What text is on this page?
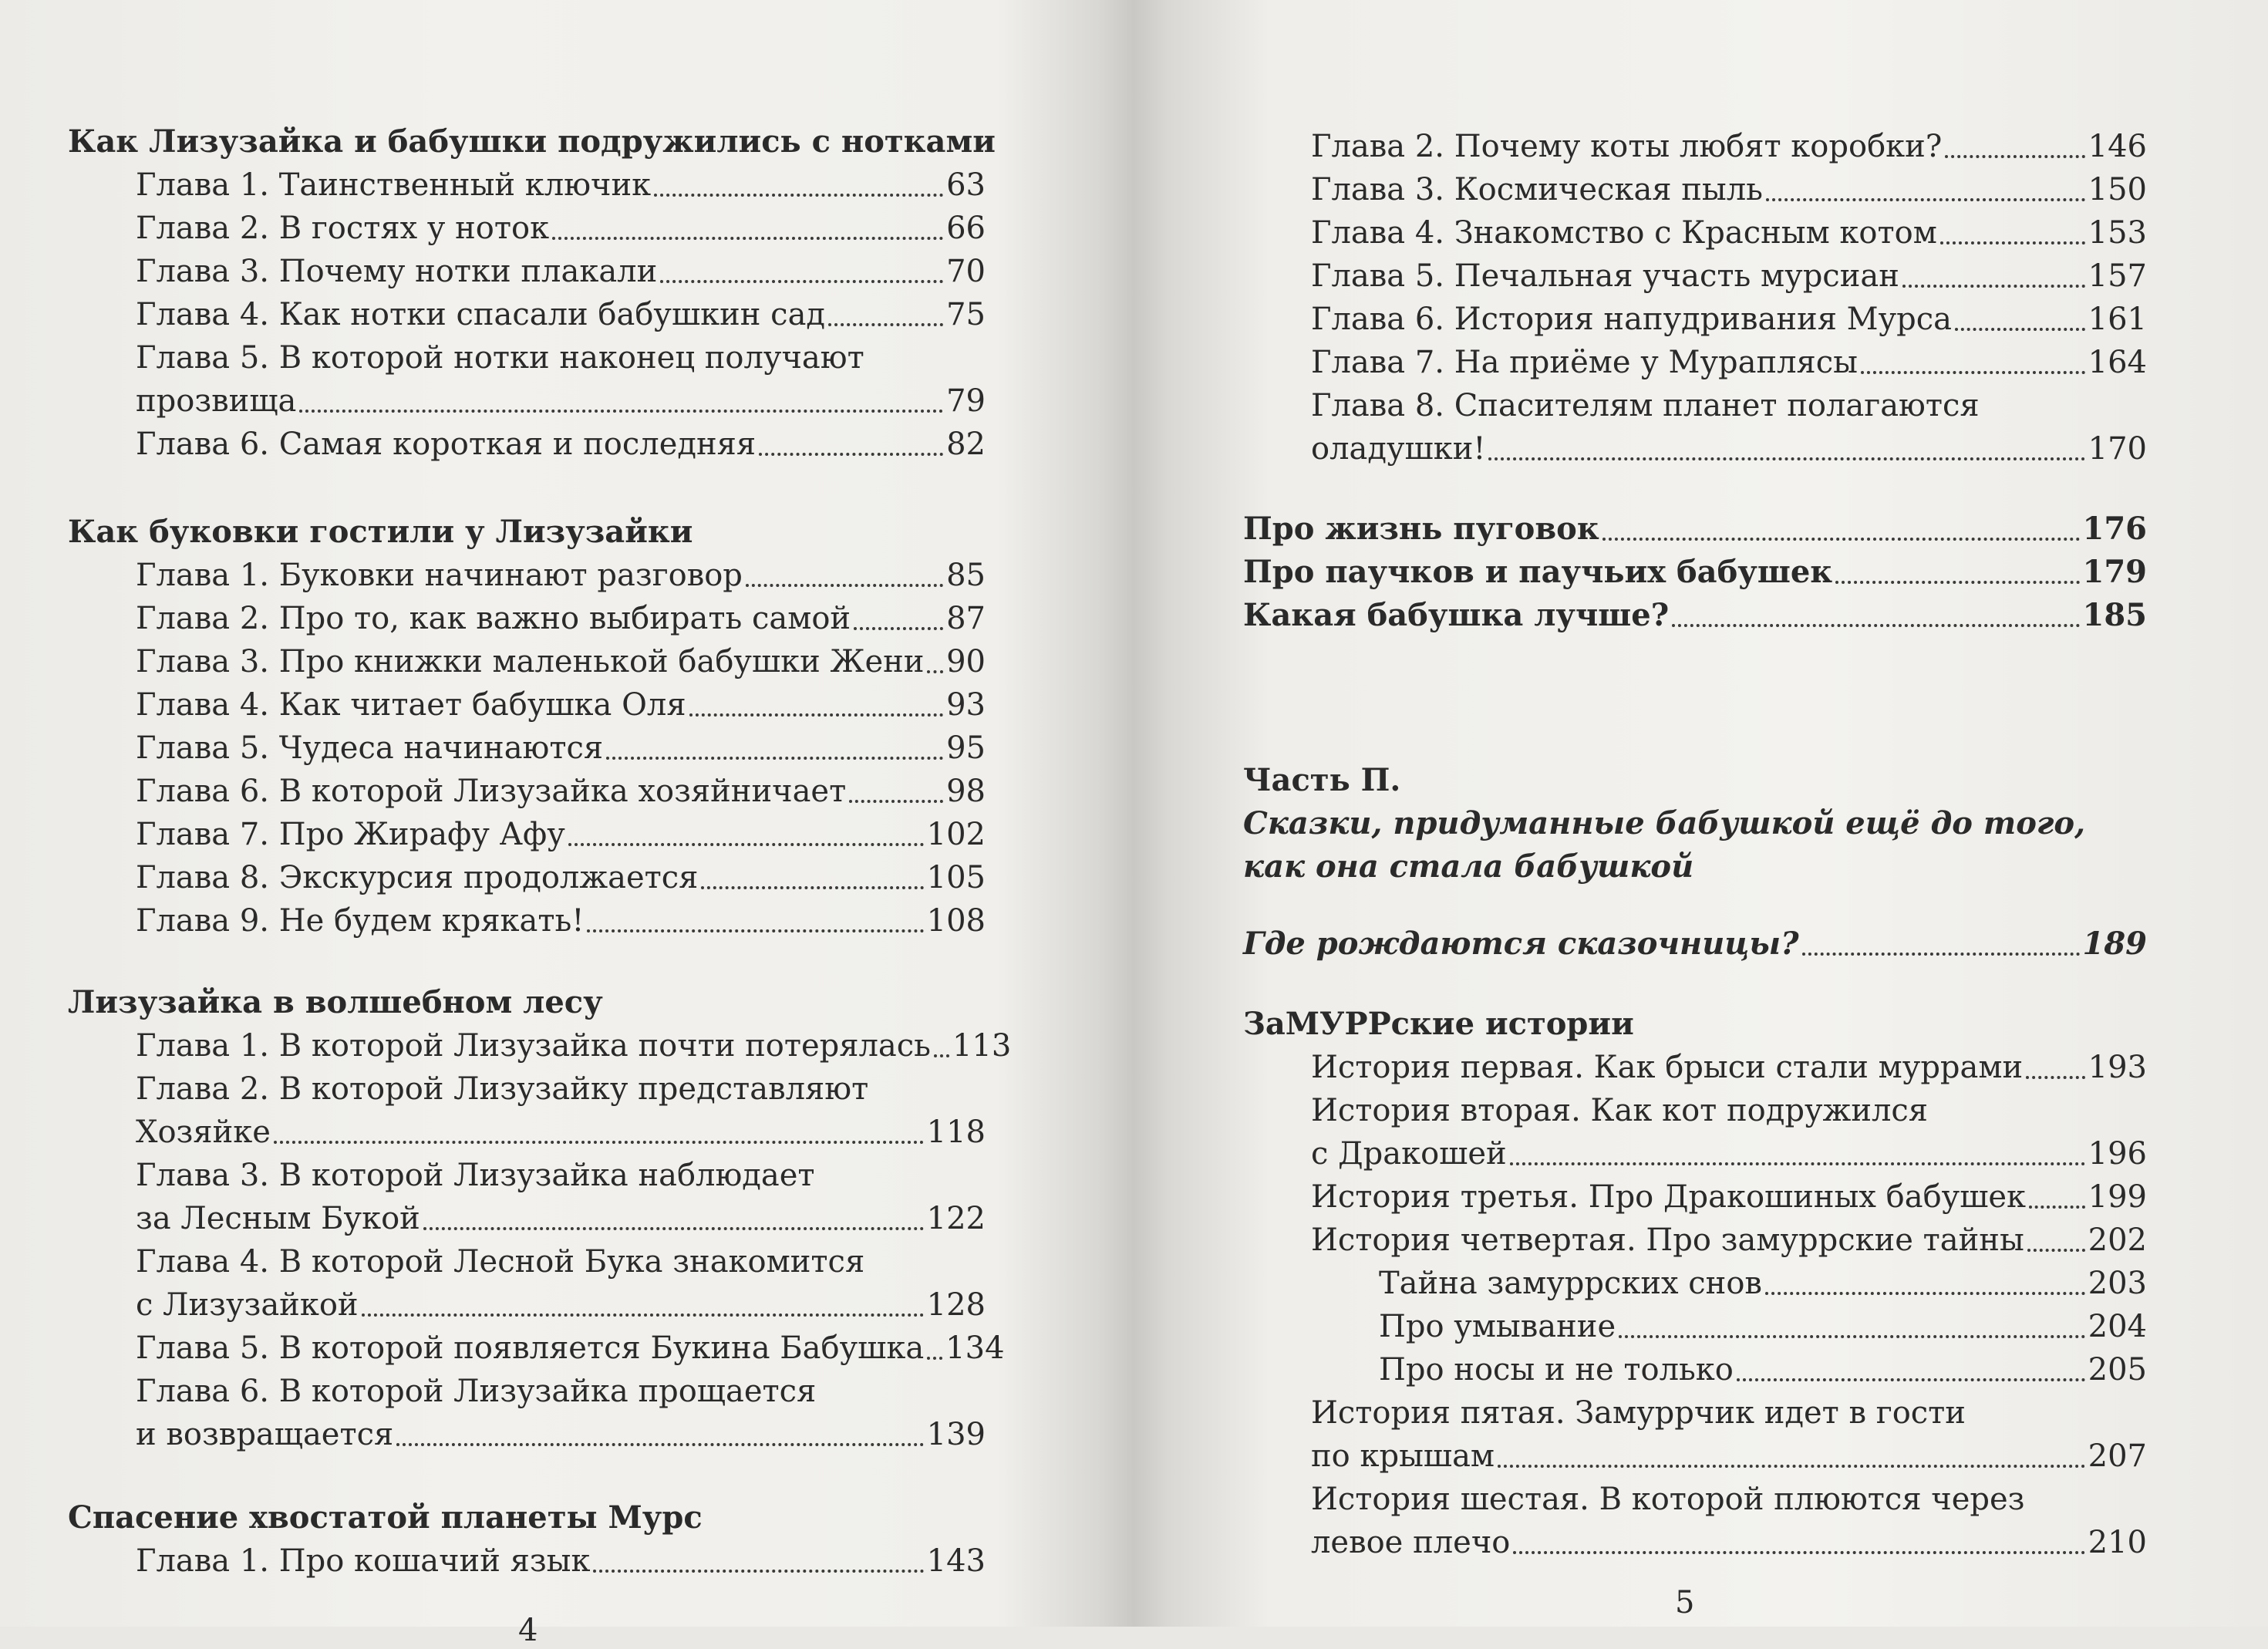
Как Лизузайка и бабушки подружились с нотками
Глава 1. Таинственный ключик	63
Глава 2. В гостях у ноток	66
Глава 3. Почему нотки плакали	70
Глава 4. Как нотки спасали бабушкин сад	75
Глава 5. В которой нотки наконец получают
прозвища	79
Глава 6. Самая короткая и последняя	82
Как буковки гостили у Лизузайки
Глава 1. Буковки начинают разговор	85
Глава 2. Про то, как важно выбирать самой	87
Глава 3. Про книжки маленькой бабушки Жени 90
Глава 4. Как читает бабушка Оля	93
Глава 5. Чудеса начинаются	95
Глава 6. В которой Лизузайка хозяйничает	98
Глава 7. Про Жирафу Афу	102
Глава 8. Экскурсия продолжается	105
Глава 9. Не будем крякать!	108
Лизузайка в волшебном лесу
Глава 1. В которой Лизузайка почти потерялась 113
Глава 2. В которой Лизузайку представляют
Хозяйке	118
Глава 3. В которой Лизузайка наблюдает
за Лесным Букой	122
Глава 4. В которой Лесной Бука знакомится
с Лизузайкой	128
Глава 5. В которой появляется Букина Бабушка 134
Глава 6. В которой Лизузайка прощается
и возвращается	139
Спасение хвостатой планеты Мурс
Глава 1. Про кошачий язык	143
4
Глава 2. Почему коты любят коробки?	146
Глава 3. Космическая пыль	150
Глава 4. Знакомство с Красным котом	153
Глава 5. Печальная участь мурсиан	157
Глава 6. История напудривания Мурса	161
Глава 7. На приёме у Мураплясы	164
Глава 8. Спасителям планет полагаются
оладушки!	170
Про жизнь пуговок	176
Про паучков и паучьих бабушек	179
Какая бабушка лучше?	185
Часть П.
Сказки, придуманные бабушкой ещё до того,
как она стала бабушкой
Где рождаются сказочницы?	189
ЗаМУРРские истории
История первая. Как брыси стали муррами 193
История вторая. Как кот подружился
с Дракошей	196
История третья. Про Дракошиных бабушек 199
История четвертая. Про замуррские тайны 202
Тайна замуррских снов	203
Про умывание	204
Про носы и не только	205
История пятая. Замуррчик идет в гости
по крышам	207
История шестая. В которой плюются через
левое плечо	210
5
